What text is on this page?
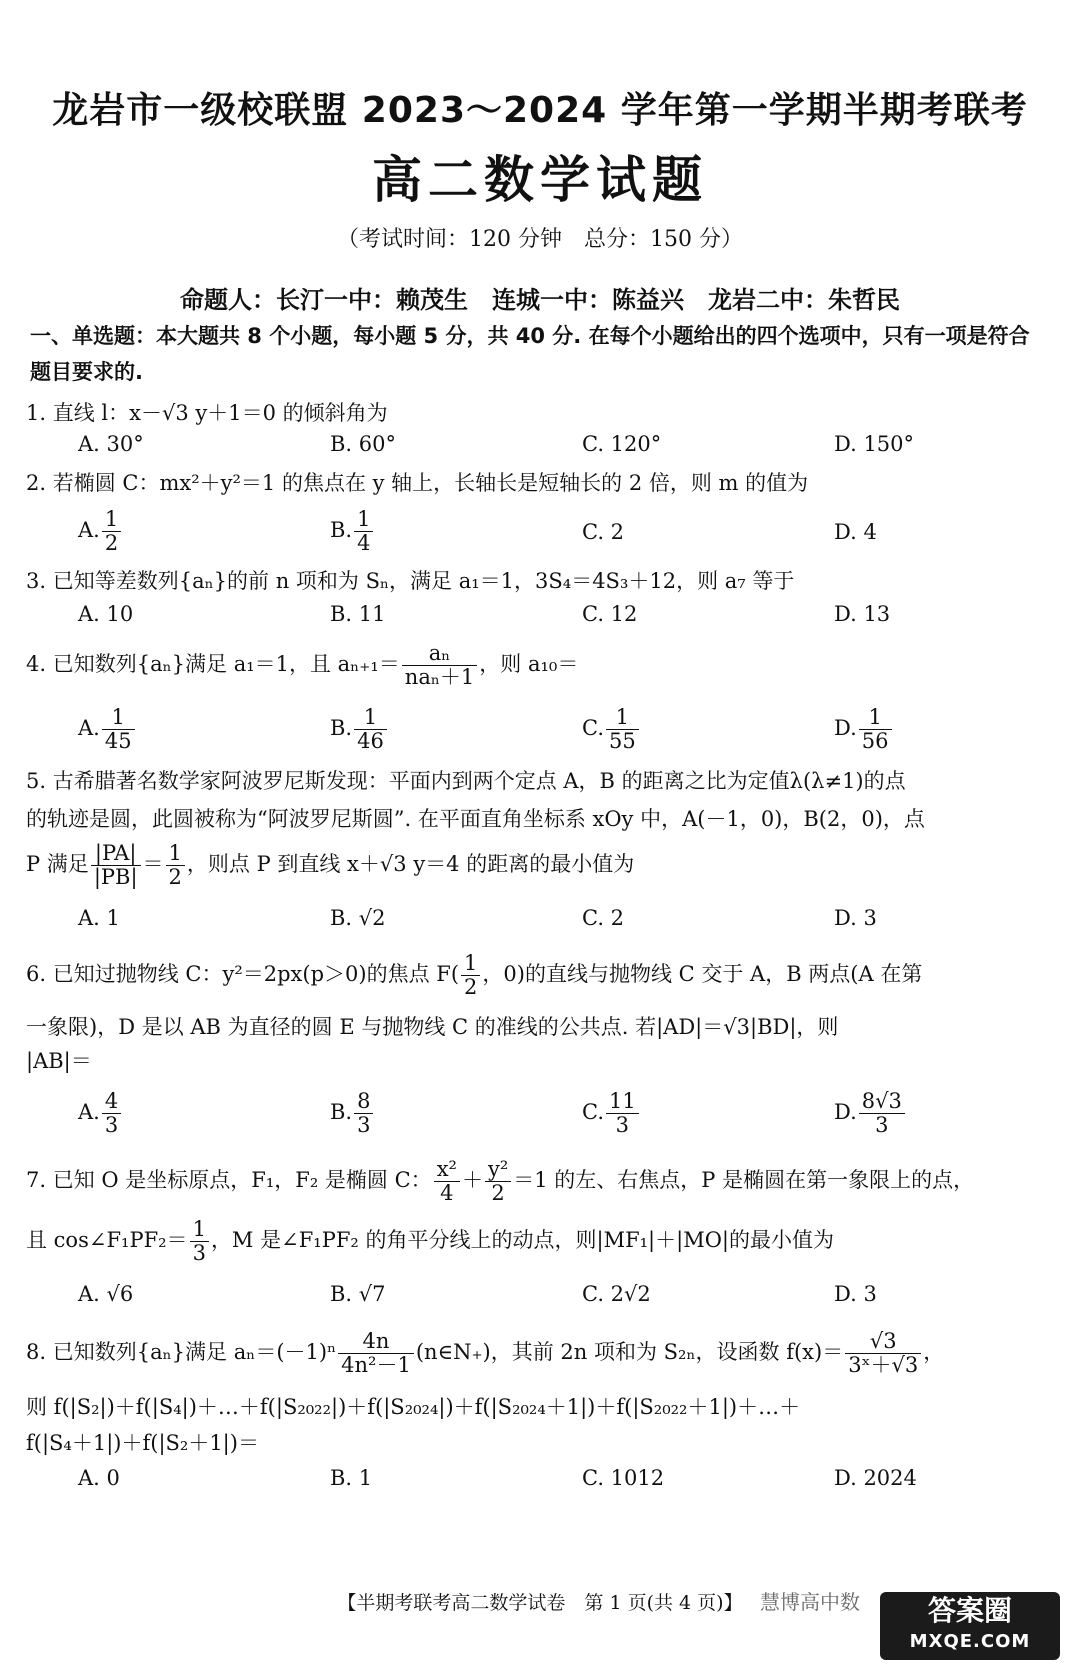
龙岩市一级校联盟 2023～2024 学年第一学期半期考联考
高二数学试题
（考试时间：120 分钟　总分：150 分）
命题人：长汀一中：赖茂生　连城一中：陈益兴　龙岩二中：朱哲民
一、单选题：本大题共 8 个小题，每小题 5 分，共 40 分. 在每个小题给出的四个选项中，只有一项是符合题目要求的.
1. 直线 l：x－√3 y＋1＝0 的倾斜角为
A. 30°	B. 60°	C. 120°	D. 150°
2. 若椭圆 C：mx²＋y²＝1 的焦点在 y 轴上，长轴长是短轴长的 2 倍，则 m 的值为
A. $\frac{1}{2}$	B. $\frac{1}{4}$	C. 2	D. 4
3. 已知等差数列{aₙ}的前 n 项和为 Sₙ，满足 a₁＝1，3S₄＝4S₃＋12，则 a₇ 等于
A. 10	B. 11	C. 12	D. 13
4. 已知数列{aₙ}满足 a₁＝1，且 $a_{n+1}= \frac{\text{aₙ}}{\text{naₙ＋1}}$ ，则 a₁₀＝
A. $\frac{1}{45}$	B. $\frac{1}{46}$	C. $\frac{1}{55}$	D. $\frac{1}{56}$
5. 古希腊著名数学家阿波罗尼斯发现：平面内到两个定点 A，B 的距离之比为定值λ(λ≠1)的点
的轨迹是圆，此圆被称为“阿波罗尼斯圆”. 在平面直角坐标系 xOy 中，A(－1，0)，B(2，0)，点
P 满足 $\frac{|PA|}{|PB|} = \frac{1}{2}$ ，则点 P 到直线 x＋√3 y＝4 的距离的最小值为
A. 1	B. √2	C. 2	D. 3
6. 已知过抛物线 C：y²＝2px(p＞0)的焦点 $F( \frac{1}{2}$ ，0)的直线与抛物线 C 交于 A，B 两点(A 在第
一象限)，D 是以 AB 为直径的圆 E 与抛物线 C 的准线的公共点. 若|AD|＝√3|BD|，则
|AB|＝
A. $\frac{4}{3}$	B. $\frac{8}{3}$	C. $\frac{11}{3}$	D. $\frac{8√3}{3}$
7. 已知 O 是坐标原点，F₁，F₂ 是椭圆 C： $\frac{\text{x²}}{4} + \frac{\text{y²}}{2} =1$ 的左、右焦点，P 是椭圆在第一象限上的点，
且 cos∠F₁PF₂＝ $\frac{1}{3}$ ，M 是∠F₁PF₂ 的角平分线上的动点，则|MF₁|＋|MO|的最小值为
A. √6	B. √7	C. 2√2	D. 3
8. 已知数列{aₙ}满足 $a_n=(-1)^n \frac{4n}{\text{4n²－1}}$ (n∈N₊)，其前 2n 项和为 S₂ₙ，设函数 $f(x)= \frac{√3}{\text{3ˣ＋√3}}$ ，
则 f(|S₂|)＋f(|S₄|)＋…＋f(|S₂₀₂₂|)＋f(|S₂₀₂₄|)＋f(|S₂₀₂₄＋1|)＋f(|S₂₀₂₂＋1|)＋…＋
f(|S₄＋1|)＋f(|S₂＋1|)＝
A. 0	B. 1	C. 1012	D. 2024
【半期考联考高二数学试卷　第 1 页(共 4 页)】 慧博高中数	答案圈
MXQE.COM
